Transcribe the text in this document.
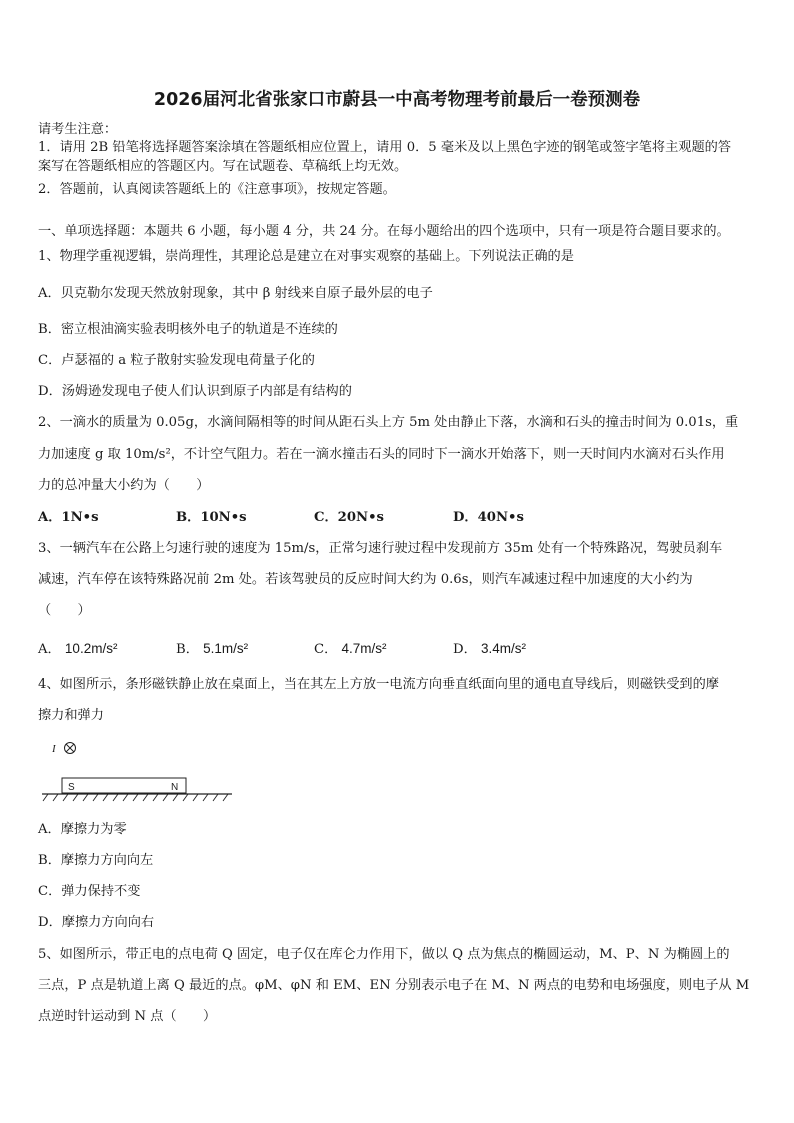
2026届河北省张家口市蔚县一中高考物理考前最后一卷预测卷
请考生注意：
1．请用 2B 铅笔将选择题答案涂填在答题纸相应位置上，请用 0．5 毫米及以上黑色字迹的钢笔或签字笔将主观题的答
案写在答题纸相应的答题区内。写在试题卷、草稿纸上均无效。
2．答题前，认真阅读答题纸上的《注意事项》，按规定答题。
一、单项选择题：本题共 6 小题，每小题 4 分，共 24 分。在每小题给出的四个选项中，只有一项是符合题目要求的。
1、物理学重视逻辑，崇尚理性，其理论总是建立在对事实观察的基础上。下列说法正确的是
A．贝克勒尔发现天然放射现象，其中 β 射线来自原子最外层的电子
B．密立根油滴实验表明核外电子的轨道是不连续的
C．卢瑟福的 a 粒子散射实验发现电荷量子化的
D．汤姆逊发现电子使人们认识到原子内部是有结构的
2、一滴水的质量为 0.05g，水滴间隔相等的时间从距石头上方 5m 处由静止下落，水滴和石头的撞击时间为 0.01s，重
力加速度 g 取 10m/s²，不计空气阻力。若在一滴水撞击石头的同时下一滴水开始落下，则一天时间内水滴对石头作用
力的总冲量大小约为（　　）
A．1N•s	B．10N•s	C．20N•s	D．40N•s
3、一辆汽车在公路上匀速行驶的速度为 15m/s，正常匀速行驶过程中发现前方 35m 处有一个特殊路况，驾驶员刹车
减速，汽车停在该特殊路况前 2m 处。若该驾驶员的反应时间大约为 0.6s，则汽车减速过程中加速度的大小约为
（　　）
A． 10.2m/s²	B． 5.1m/s²	C． 4.7m/s²	D． 3.4m/s²
4、如图所示，条形磁铁静止放在桌面上，当在其左上方放一电流方向垂直纸面向里的通电直导线后，则磁铁受到的摩
擦力和弹力
I
S	N
A．摩擦力为零
B．摩擦力方向向左
C．弹力保持不变
D．摩擦力方向向右
5、如图所示，带正电的点电荷 Q 固定，电子仅在库仑力作用下，做以 Q 点为焦点的椭圆运动，M、P、N 为椭圆上的
三点，P 点是轨道上离 Q 最近的点。φM、φN 和 EM、EN 分别表示电子在 M、N 两点的电势和电场强度，则电子从 M
点逆时针运动到 N 点（　　）
